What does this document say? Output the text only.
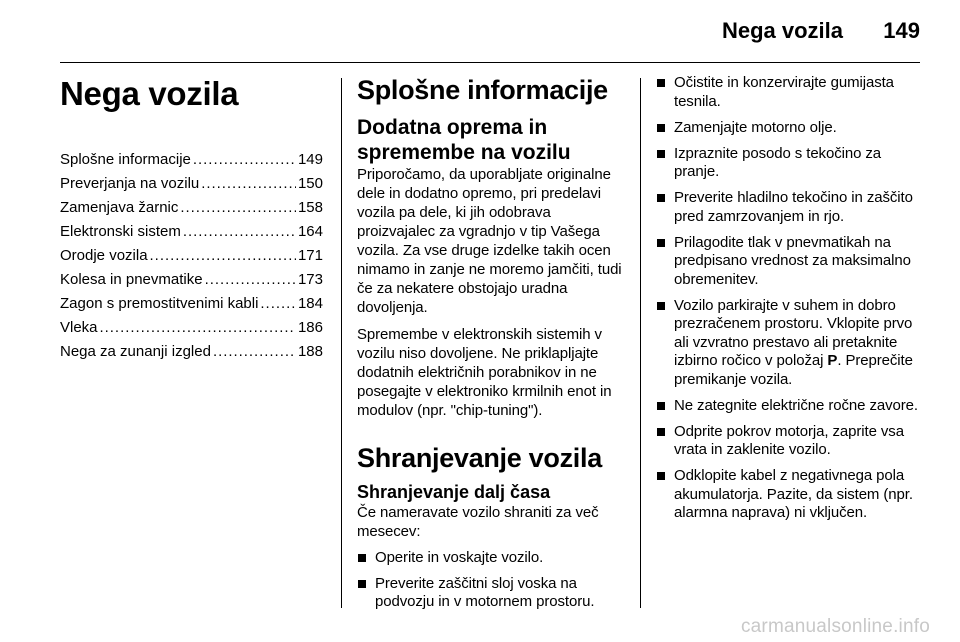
Nega vozila 149
Nega vozila
Splošne informacije . . .	149
Preverjanja na vozilu . . .	150
Zamenjava žarnic . . .	158
Elektronski sistem . . .	164
Orodje vozila . . .	171
Kolesa in pnevmatike . . .	173
Zagon s premostitvenimi kabli . . .	184
Vleka . . .	186
Nega za zunanji izgled . . .	188
Splošne informacije
Dodatna oprema in spremembe na vozilu

Priporočamo, da uporabljate originalne dele in dodatno opremo, pri predelavi vozila pa dele, ki jih odobrava proizvajalec za vgradnjo v tip Vašega vozila. Za vse druge izdelke takih ocen nimamo in zanje ne moremo jamčiti, tudi če za nekatere obstojajo uradna dovoljenja.

Spremembe v elektronskih sistemih v vozilu niso dovoljene. Ne priklapljajte dodatnih električnih porabnikov in ne posegajte v elektroniko krmilnih enot in modulov (npr. "chip-tuning").

Shranjevanje vozila
Shranjevanje dalj časa

Če nameravate vozilo shraniti za več mesecev:

Operite in voskajte vozilo.
Preverite zaščitni sloj voska na podvozju in v motornem prostoru.
Očistite in konzervirajte gumijasta tesnila.
Zamenjajte motorno olje.
Izpraznite posodo s tekočino za pranje.
Preverite hladilno tekočino in zaščito pred zamrzovanjem in rjo.
Prilagodite tlak v pnevmatikah na predpisano vrednost za maksimalno obremenitev.
Vozilo parkirajte v suhem in dobro prezračenem prostoru. Vklopite prvo ali vzvratno prestavo ali pretaknite izbirno ročico v položaj P. Preprečite premikanje vozila.
Ne zategnite električne ročne zavore.
Odprite pokrov motorja, zaprite vsa vrata in zaklenite vozilo.
Odklopite kabel z negativnega pola akumulatorja. Pazite, da sistem (npr. alarmna naprava) ni vključen.
carmanualsonline.info
